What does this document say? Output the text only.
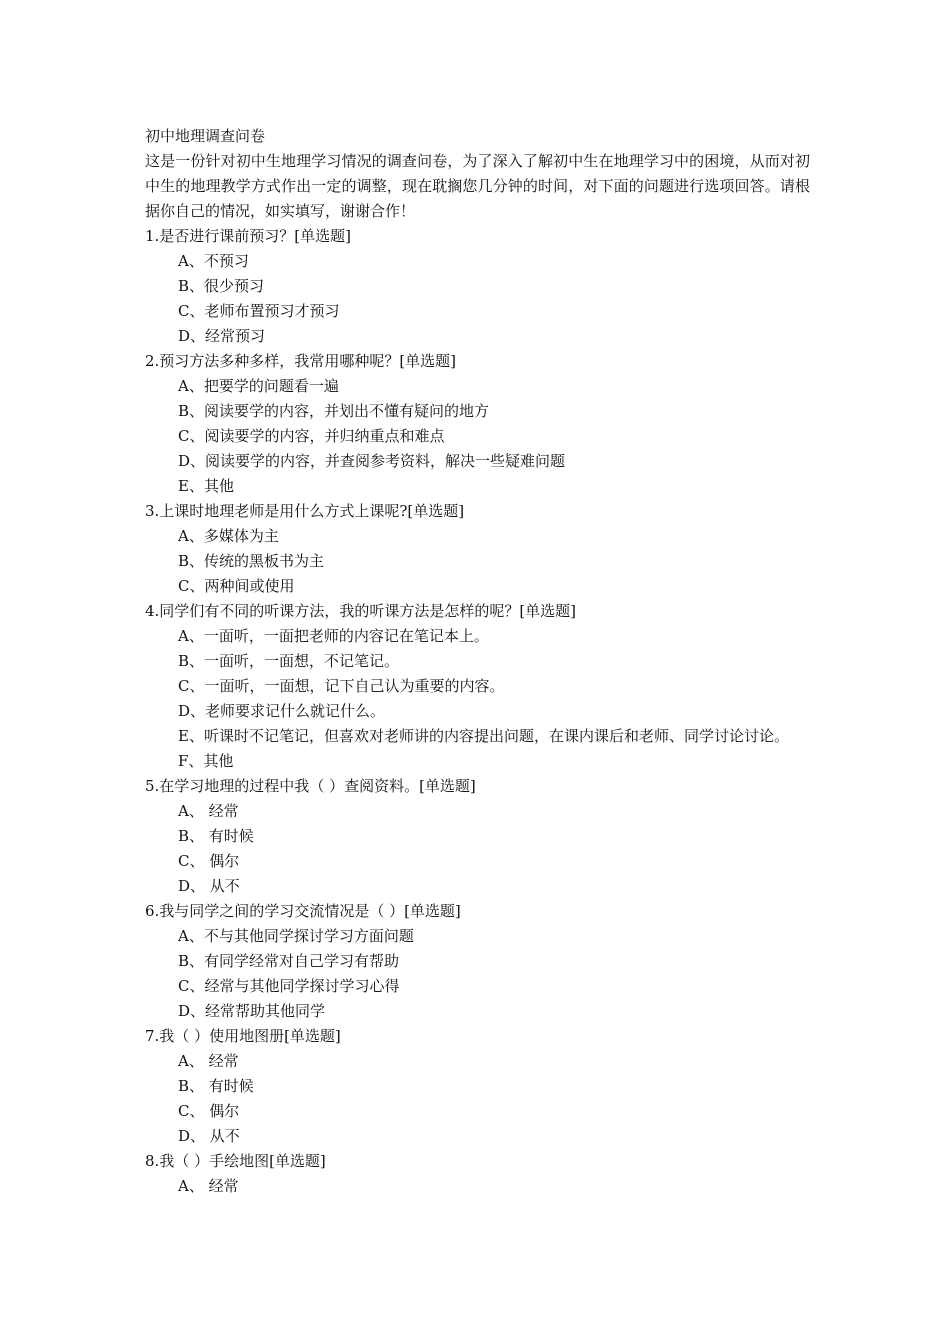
初中地理调查问卷

这是一份针对初中生地理学习情况的调查问卷，为了深入了解初中生在地理学习中的困境，从而对初中生的地理教学方式作出一定的调整，现在耽搁您几分钟的时间，对下面的问题进行选项回答。请根据你自己的情况，如实填写，谢谢合作！

1.是否进行课前预习？[单选题]

A、不预习
B、很少预习
C、老师布置预习才预习
D、经常预习

2.预习方法多种多样，我常用哪种呢？[单选题]

A、把要学的问题看一遍
B、阅读要学的内容，并划出不懂有疑问的地方
C、阅读要学的内容，并归纳重点和难点
D、阅读要学的内容，并查阅参考资料，解决一些疑难问题
E、其他

3.上课时地理老师是用什么方式上课呢?[单选题]

A、多媒体为主
B、传统的黑板书为主
C、两种间或使用

4.同学们有不同的听课方法，我的听课方法是怎样的呢？[单选题]

A、一面听，一面把老师的内容记在笔记本上。
B、一面听，一面想，不记笔记。
C、一面听，一面想，记下自己认为重要的内容。
D、老师要求记什么就记什么。
E、听课时不记笔记，但喜欢对老师讲的内容提出问题，在课内课后和老师、同学讨论讨论。
F、其他

5.在学习地理的过程中我（ ）查阅资料。[单选题]

A、 经常
B、 有时候
C、 偶尔
D、 从不

6.我与同学之间的学习交流情况是（ ）[单选题]

A、不与其他同学探讨学习方面问题
B、有同学经常对自己学习有帮助
C、经常与其他同学探讨学习心得
D、经常帮助其他同学

7.我（ ）使用地图册[单选题]

A、 经常
B、 有时候
C、 偶尔
D、 从不

8.我（ ）手绘地图[单选题]

A、 经常
